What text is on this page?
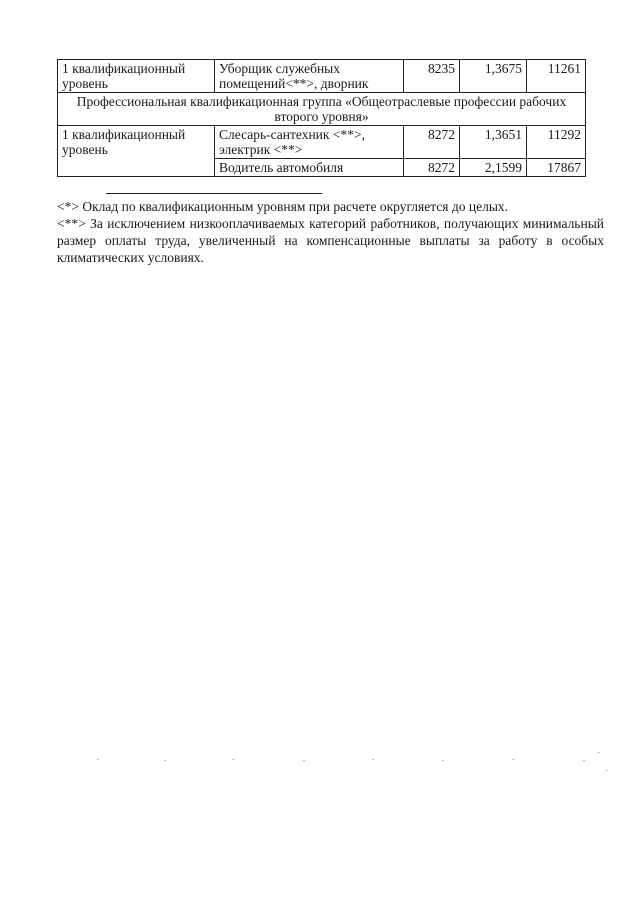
1 квалификационный уровень	Уборщик служебных помещений<**>, дворник	8235	1,3675	11261
Профессиональная квалификационная группа «Общеотраслевые профессии рабочих второго уровня»				
1 квалификационный уровень	Слесарь-сантехник <**>, электрик <**>	8272	1,3651	11292
	Водитель автомобиля	8272	2,1599	17867

<*> Оклад по квалификационным уровням при расчете округляется до целых.

<**> За исключением низкооплачиваемых категорий работников, получающих минимальный размер оплаты труда, увеличенный на компенсационные выплаты за работу в особых климатических условиях.
